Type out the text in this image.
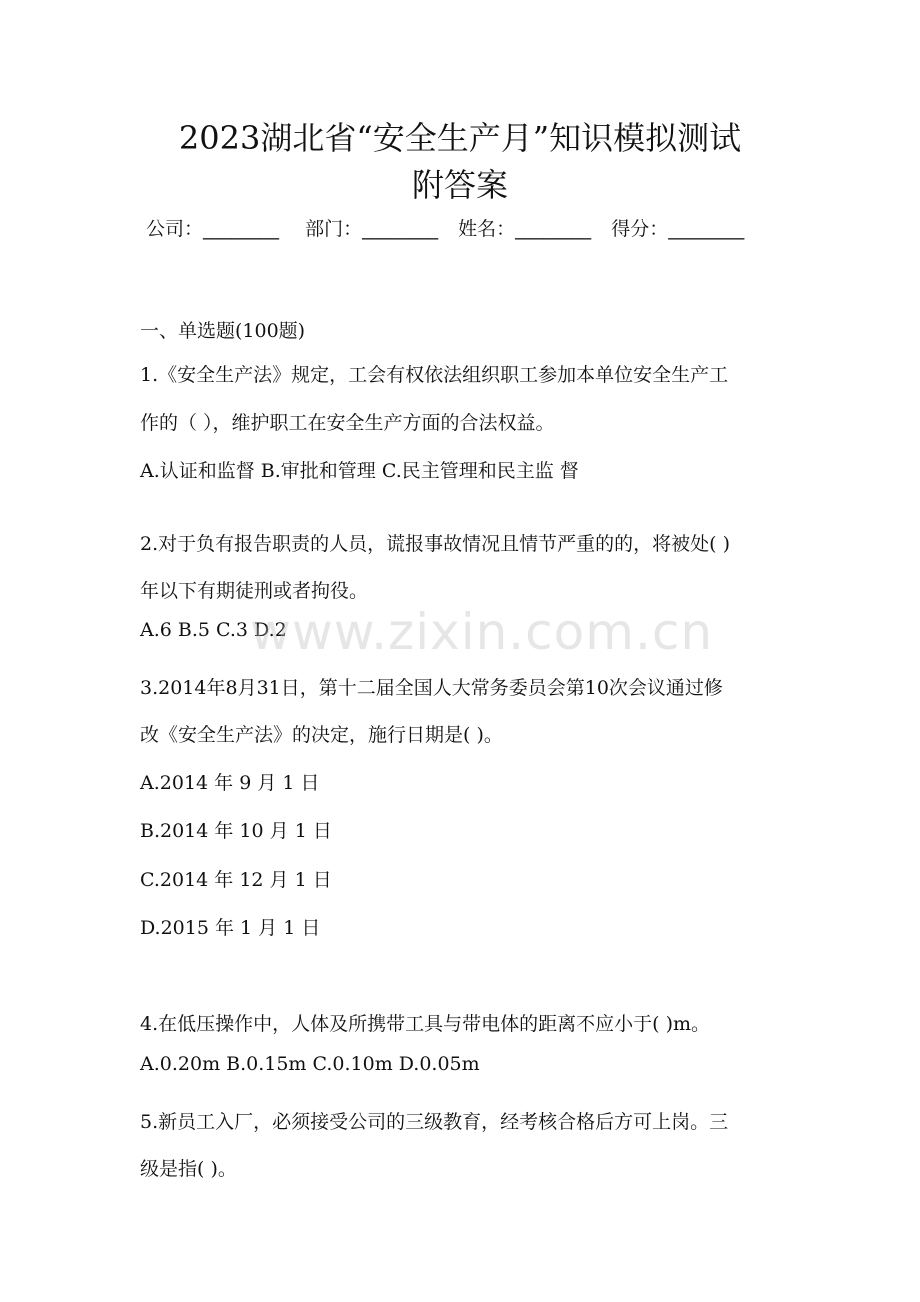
2023湖北省“安全生产月”知识模拟测试
附答案
公司：________ 部门：________ 姓名：________ 得分：________
一、单选题(100题)
1.《安全生产法》规定，工会有权依法组织职工参加本单位安全生产工
作的（ ），维护职工在安全生产方面的合法权益。
A.认证和监督 B.审批和管理 C.民主管理和民主监 督
2.对于负有报告职责的人员，谎报事故情况且情节严重的的，将被处( )
年以下有期徒刑或者拘役。
A.6 B.5 C.3 D.2
3.2014年8月31日，第十二届全国人大常务委员会第10次会议通过修
改《安全生产法》的决定，施行日期是( )。
A.2014 年 9 月 1 日
B.2014 年 10 月 1 日
C.2014 年 12 月 1 日
D.2015 年 1 月 1 日
4.在低压操作中，人体及所携带工具与带电体的距离不应小于( )m。
A.0.20m B.0.15m C.0.10m D.0.05m
5.新员工入厂，必须接受公司的三级教育，经考核合格后方可上岗。三
级是指( )。
www.zixin.com.cn
